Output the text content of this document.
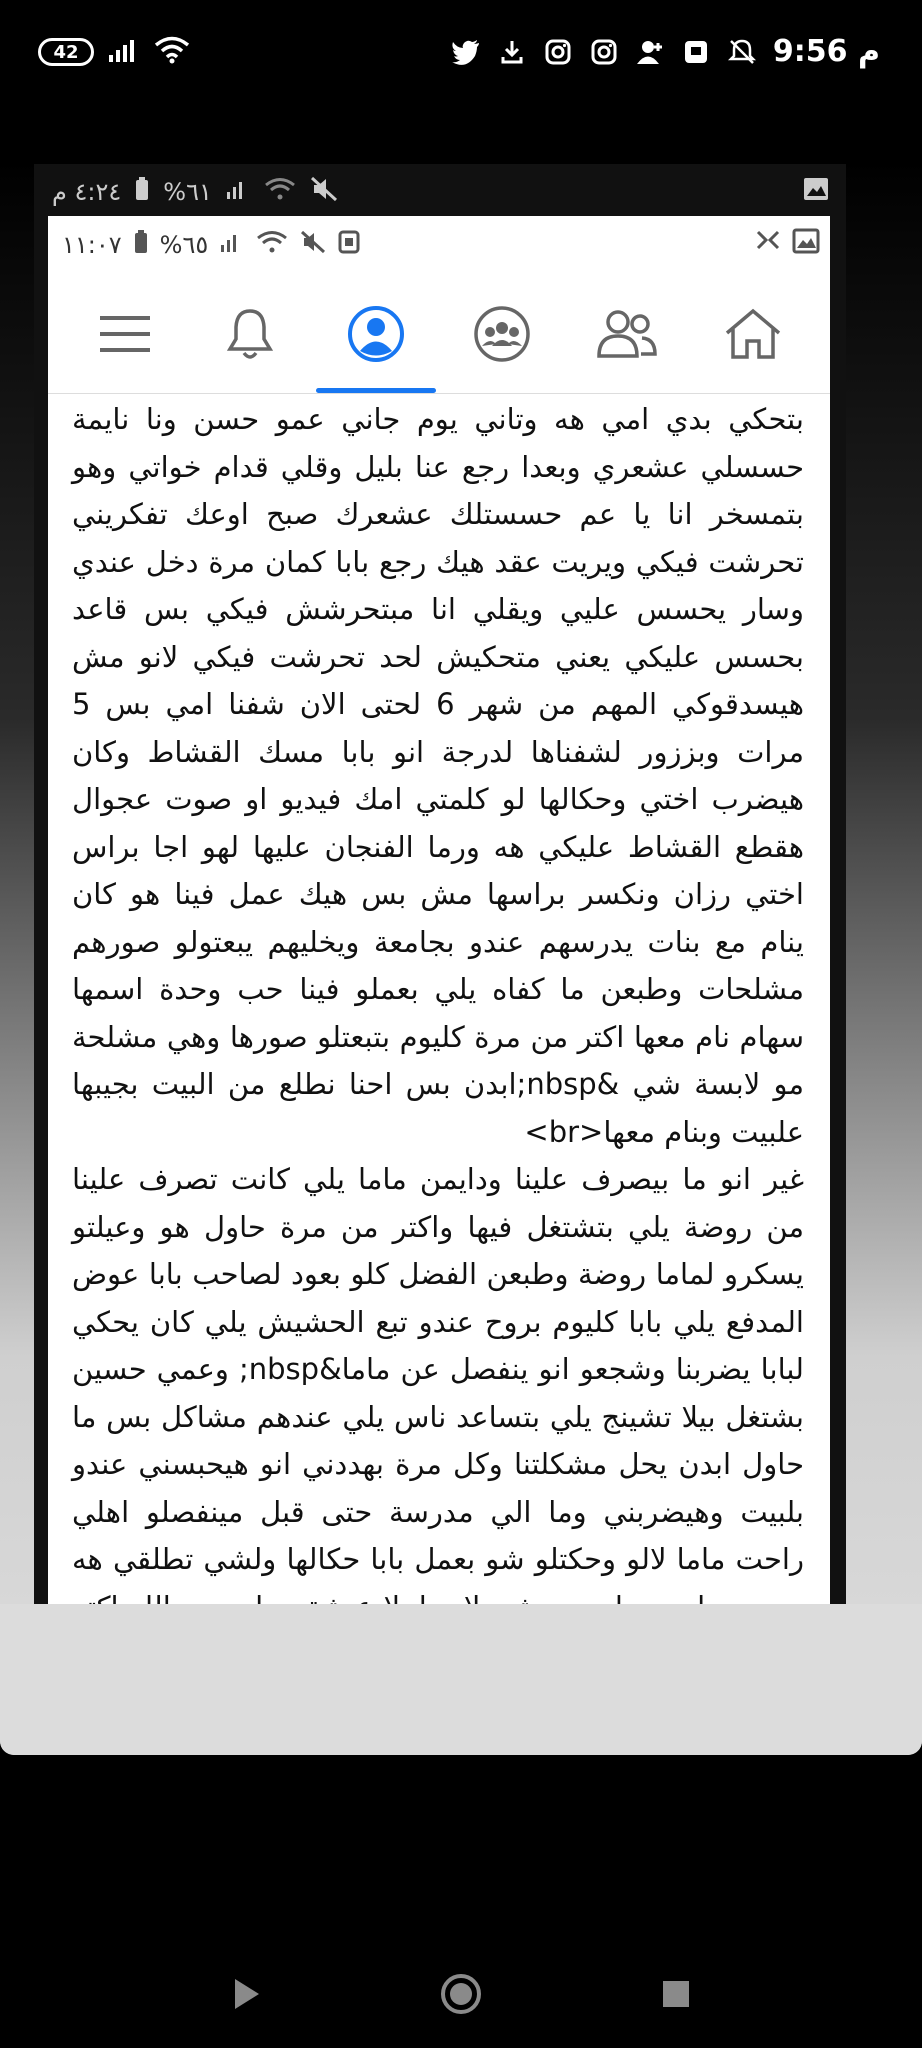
42	9:56 م
٤:٢٤ م %٦١
١١:٠٧ %٦٥
بتحكي بدي امي هه وتاني يوم جاني عمو حسن ونا نايمة حسسلي عشعري وبعدا رجع عنا بليل وقلي قدام خواتي وهو بتمسخر انا يا عم حسستلك عشعرك صبح اوعك تفكريني تحرشت فيكي ويريت عقد هيك رجع بابا كمان مرة دخل عندي وسار يحسس عليي ويقلي انا مبتحرشش فيكي بس قاعد بحسس عليكي يعني متحكيش لحد تحرشت فيكي لانو مش هيسدقوكي المهم من شهر 6 لحتى الان شفنا امي بس 5 مرات وبززور لشفناها لدرجة انو بابا مسك القشاط وكان هيضرب اختي وحكالها لو كلمتي امك فيديو او صوت عجوال هقطع القشاط عليكي هه ورما الفنجان عليها لهو اجا براس اختي رزان ونكسر براسها مش بس هيك عمل فينا هو كان ينام مع بنات يدرسهم عندو بجامعة ويخليهم يبعتولو صورهم مشلحات وطبعن ما كفاه يلي بعملو فينا حب وحدة اسمها سهام نام معها اكتر من مرة كليوم بتبعتلو صورها وهي مشلحة مو لابسة شي &nbsp;ابدن بس احنا نطلع من البيت بجيبها علبيت وبنام معها<br>
غير انو ما بيصرف علينا ودايمن ماما يلي كانت تصرف علينا من روضة يلي بتشتغل فيها واكتر من مرة حاول هو وعيلتو يسكرو لماما روضة وطبعن الفضل كلو بعود لصاحب بابا عوض المدفع يلي بابا كليوم بروح عندو تبع الحشيش يلي كان يحكي لبابا يضربنا وشجعو انو ينفصل عن ماما&nbsp; وعمي حسين بشتغل بيلا تشينج يلي بتساعد ناس يلي عندهم مشاكل بس ما حاول ابدن يحل مشكلتنا وكل مرة بهددني انو هيحبسني عندو بلبيت وهيضربني وما الي مدرسة حتى قبل مينفصلو اهلي راحت ماما لالو وحكتلو شو بعمل بابا حكالها ولشي تطلقي هه
